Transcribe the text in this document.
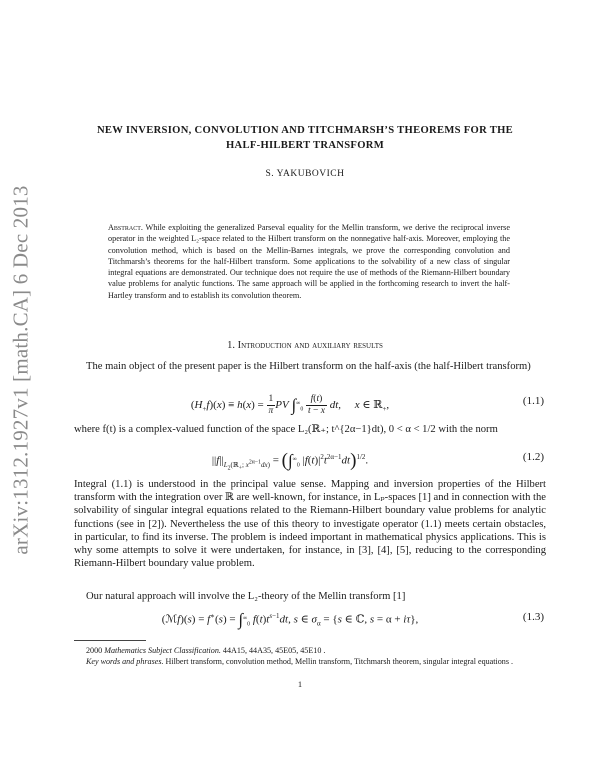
arXiv:1312.1927v1 [math.CA] 6 Dec 2013
NEW INVERSION, CONVOLUTION AND TITCHMARSH’S THEOREMS FOR THE
HALF-HILBERT TRANSFORM
S. YAKUBOVICH
Abstract. While exploiting the generalized Parseval equality for the Mellin transform, we derive the reciprocal inverse operator in the weighted L₂-space related to the Hilbert transform on the nonnegative half-axis. Moreover, employing the convolution method, which is based on the Mellin-Barnes integrals, we prove the corresponding convolution and Titchmarsh’s theorems for the half-Hilbert transform. Some applications to the solvability of a new class of singular integral equations are demonstrated. Our technique does not require the use of methods of the Riemann-Hilbert boundary value problems for analytic functions. The same approach will be applied in the forthcoming research to invert the half-Hartley transform and to establish its convolution theorem.
1. Introduction and auxiliary results
The main object of the present paper is the Hilbert transform on the half-axis (the half-Hilbert transform)
$(H_+f)(x) \equiv h(x) = \frac{1}{\pi}$ PV $\int^\infty_0 \frac{f(t)}{t - x}$ dt,     x ∈ ℝ$_+$,	(1.1)
where f(t) is a complex-valued function of the space L₂(ℝ₊; t^{2α−1}dt), 0 < α < 1/2 with the norm
$||f||_{L_2(ℝ_+; x^{2\alpha-1}dx)} = (\int^\infty_0$ $|f(t)|^2t^{2\alpha-1}dt)^{1/2}$.	(1.2)
Integral (1.1) is understood in the principal value sense. Mapping and inversion properties of the Hilbert transform with the integration over ℝ are well-known, for instance, in Lₚ-spaces [1] and in connection with the solvability of singular integral equations related to the Riemann-Hilbert boundary value problems for analytic functions (see in [2]). Nevertheless the use of this theory to investigate operator (1.1) meets certain obstacles, in particular, to find its inverse. The problem is indeed important in mathematical physics applications. This is why some attempts to solve it were undertaken, for instance, in [3], [4], [5], reducing to the corresponding Riemann-Hilbert boundary value problem.
Our natural approach will involve the L₂-theory of the Mellin transform [1]
(ℳf)(s) = $f^∗(s) = \int^\infty_0$ $f(t)t^{s-1}dt$, s ∈ $\sigma_\alpha = \{s$ ∈ ℂ, s = α + iτ},	(1.3)
2000 Mathematics Subject Classification. 44A15, 44A35, 45E05, 45E10 .
Key words and phrases. Hilbert transform, convolution method, Mellin transform, Titchmarsh theorem, singular integral equations .
1
